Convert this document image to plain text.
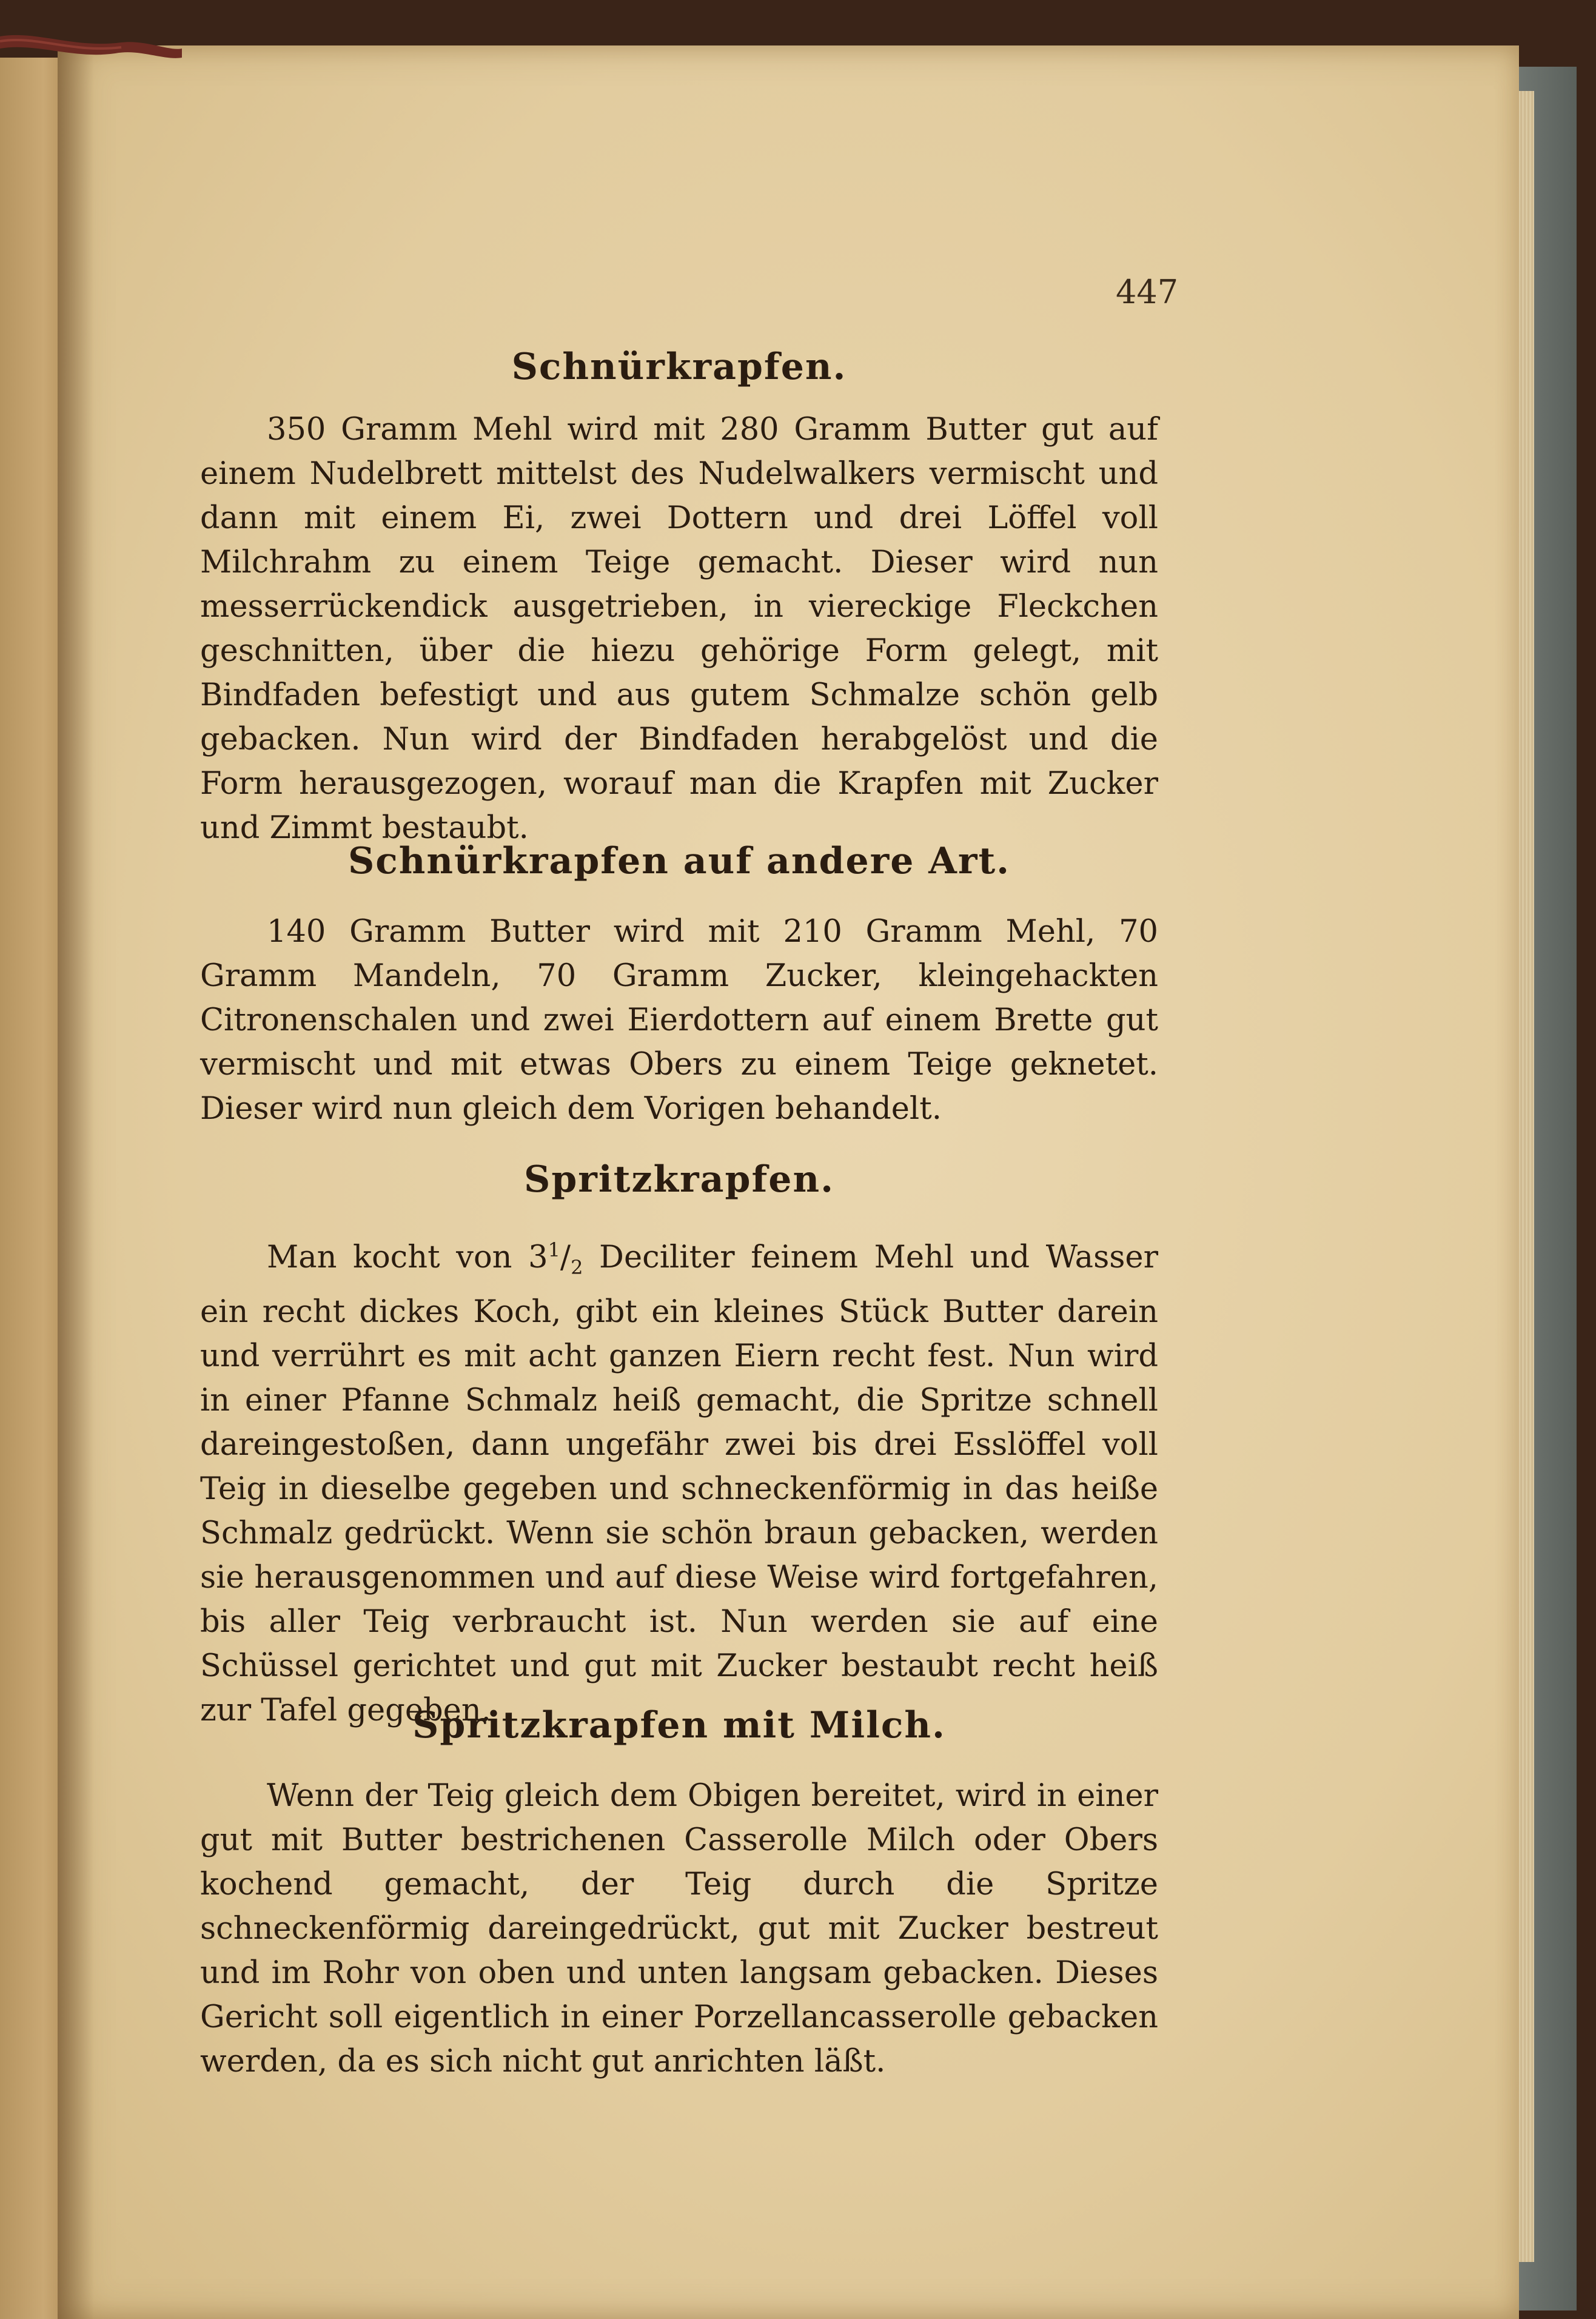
447
Schnürkrapfen.

350 Gramm Mehl wird mit 280 Gramm Butter gut auf einem Nudelbrett mittelst des Nudelwalkers vermischt und dann mit einem Ei, zwei Dottern und drei Löffel voll Milchrahm zu einem Teige gemacht. Dieser wird nun messerrückendick ausgetrieben, in viereckige Fleckchen geschnitten, über die hiezu gehörige Form gelegt, mit Bindfaden befestigt und aus gutem Schmalze schön gelb gebacken. Nun wird der Bindfaden herabgelöst und die Form herausgezogen, worauf man die Krapfen mit Zucker und Zimmt bestaubt.

Schnürkrapfen auf andere Art.

140 Gramm Butter wird mit 210 Gramm Mehl, 70 Gramm Mandeln, 70 Gramm Zucker, kleingehackten Citronenschalen und zwei Eierdottern auf einem Brette gut vermischt und mit etwas Obers zu einem Teige geknetet. Dieser wird nun gleich dem Vorigen behandelt.

Spritzkrapfen.

Man kocht von $3^1/_2$ Deciliter feinem Mehl und Wasser ein recht dickes Koch, gibt ein kleines Stück Butter darein und verrührt es mit acht ganzen Eiern recht fest. Nun wird in einer Pfanne Schmalz heiß gemacht, die Spritze schnell dareingestoßen, dann ungefähr zwei bis drei Esslöffel voll Teig in dieselbe gegeben und schneckenförmig in das heiße Schmalz gedrückt. Wenn sie schön braun gebacken, werden sie herausgenommen und auf diese Weise wird fortgefahren, bis aller Teig verbraucht ist. Nun werden sie auf eine Schüssel gerichtet und gut mit Zucker bestaubt recht heiß zur Tafel gegeben.

Spritzkrapfen mit Milch.

Wenn der Teig gleich dem Obigen bereitet, wird in einer gut mit Butter bestrichenen Casserolle Milch oder Obers kochend gemacht, der Teig durch die Spritze schneckenförmig dareingedrückt, gut mit Zucker bestreut und im Rohr von oben und unten langsam gebacken. Dieses Gericht soll eigentlich in einer Porzellancasserolle gebacken werden, da es sich nicht gut anrichten läßt.
